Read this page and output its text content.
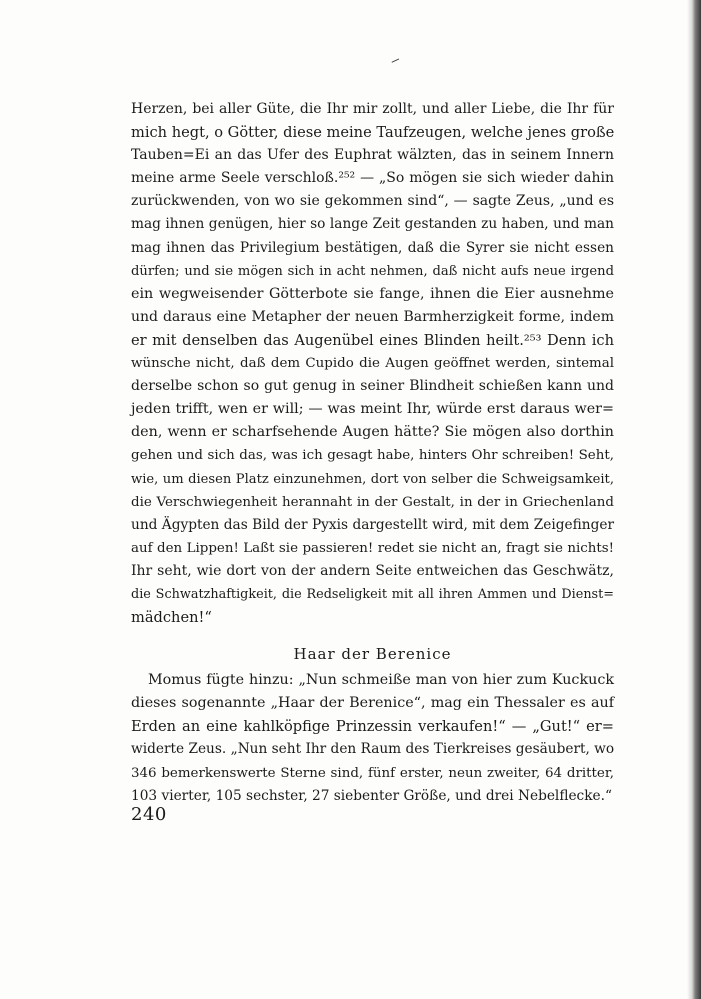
Herzen, bei aller Güte, die Ihr mir zollt, und aller Liebe, die Ihr für
mich hegt, o Götter, diese meine Taufzeugen, welche jenes große
Tauben=Ei an das Ufer des Euphrat wälzten, das in seinem Innern
meine arme Seele verschloß.²⁵² — „So mögen sie sich wieder dahin
zurückwenden, von wo sie gekommen sind“, — sagte Zeus, „und es
mag ihnen genügen, hier so lange Zeit gestanden zu haben, und man
mag ihnen das Privilegium bestätigen, daß die Syrer sie nicht essen
dürfen; und sie mögen sich in acht nehmen, daß nicht aufs neue irgend
ein wegweisender Götterbote sie fange, ihnen die Eier ausnehme
und daraus eine Metapher der neuen Barmherzigkeit forme, indem
er mit denselben das Augenübel eines Blinden heilt.²⁵³ Denn ich
wünsche nicht, daß dem Cupido die Augen geöffnet werden, sintemal
derselbe schon so gut genug in seiner Blindheit schießen kann und
jeden trifft, wen er will; — was meint Ihr, würde erst daraus wer=
den, wenn er scharfsehende Augen hätte? Sie mögen also dorthin
gehen und sich das, was ich gesagt habe, hinters Ohr schreiben! Seht,
wie, um diesen Platz einzunehmen, dort von selber die Schweigsamkeit,
die Verschwiegenheit herannaht in der Gestalt, in der in Griechenland
und Ägypten das Bild der Pyxis dargestellt wird, mit dem Zeigefinger
auf den Lippen! Laßt sie passieren! redet sie nicht an, fragt sie nichts!
Ihr seht, wie dort von der andern Seite entweichen das Geschwätz,
die Schwatzhaftigkeit, die Redseligkeit mit all ihren Ammen und Dienst=
mädchen!“

Haar der Berenice

Momus fügte hinzu: „Nun schmeiße man von hier zum Kuckuck
dieses sogenannte „Haar der Berenice“, mag ein Thessaler es auf
Erden an eine kahlköpfige Prinzessin verkaufen!“ — „Gut!“ er=
widerte Zeus. „Nun seht Ihr den Raum des Tierkreises gesäubert, wo
346 bemerkenswerte Sterne sind, fünf erster, neun zweiter, 64 dritter,
103 vierter, 105 sechster, 27 siebenter Größe, und drei Nebelflecke.“

240
